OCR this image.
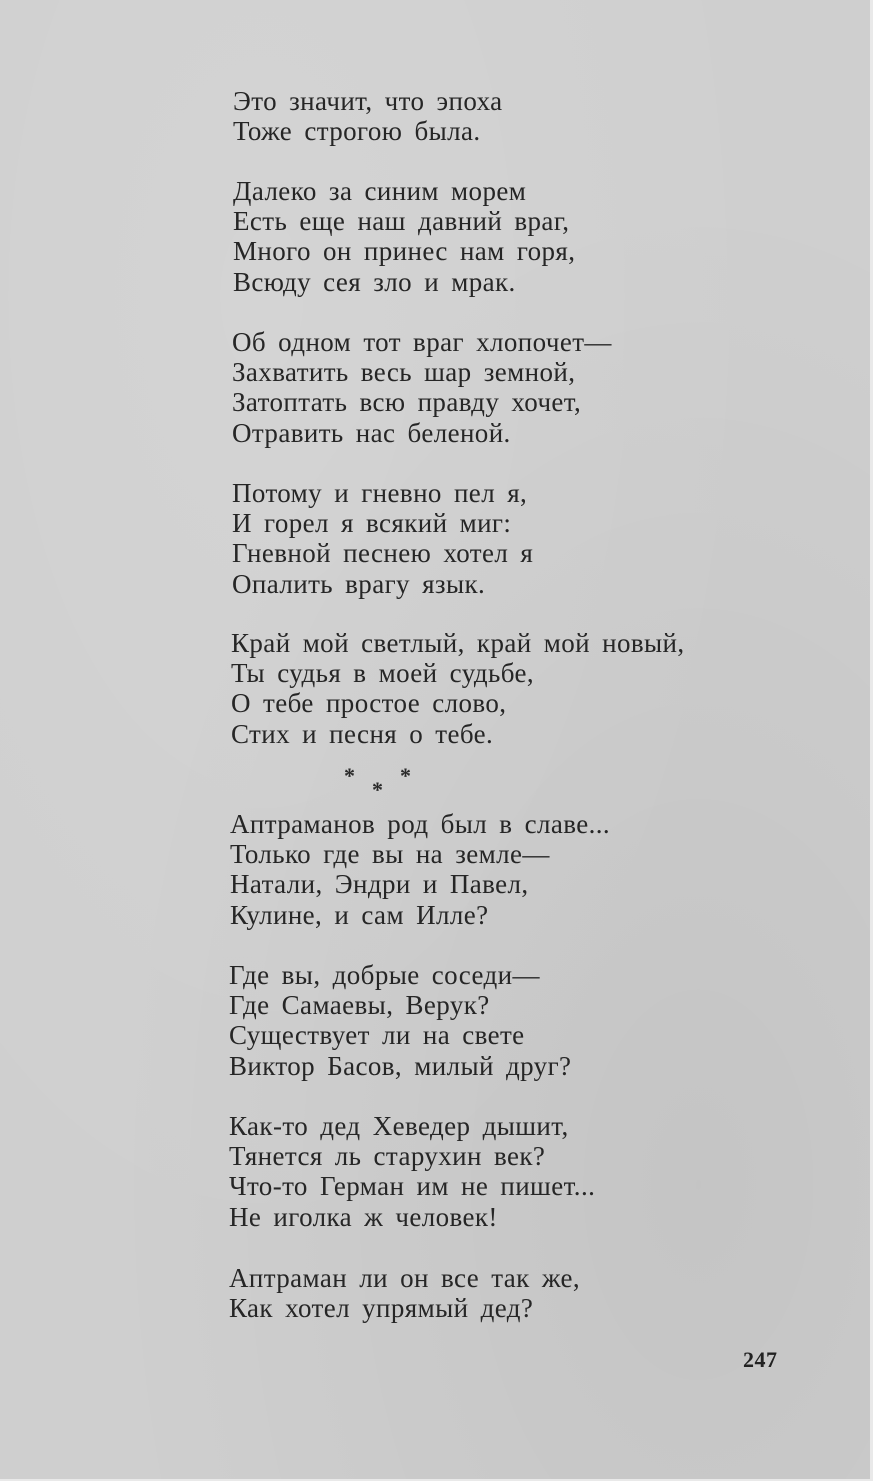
Это значит, что эпоха
Тоже строгою была.
Далеко за синим морем
Есть еще наш давний враг,
Много он принес нам горя,
Всюду сея зло и мрак.
Об одном тот враг хлопочет—
Захватить весь шар земной,
Затоптать всю правду хочет,
Отравить нас беленой.
Потому и гневно пел я,
И горел я всякий миг:
Гневной песнею хотел я
Опалить врагу язык.
Край мой светлый, край мой новый,
Ты судья в моей судьбе,
О тебе простое слово,
Стих и песня о тебе.
* *
*
Аптраманов род был в славе...
Только где вы на земле—
Натали, Эндри и Павел,
Кулине, и сам Илле?
Где вы, добрые соседи—
Где Самаевы, Верук?
Существует ли на свете
Виктор Басов, милый друг?
Как-то дед Хеведер дышит,
Тянется ль старухин век?
Что-то Герман им не пишет...
Не иголка ж человек!
Аптраман ли он все так же,
Как хотел упрямый дед?
247
